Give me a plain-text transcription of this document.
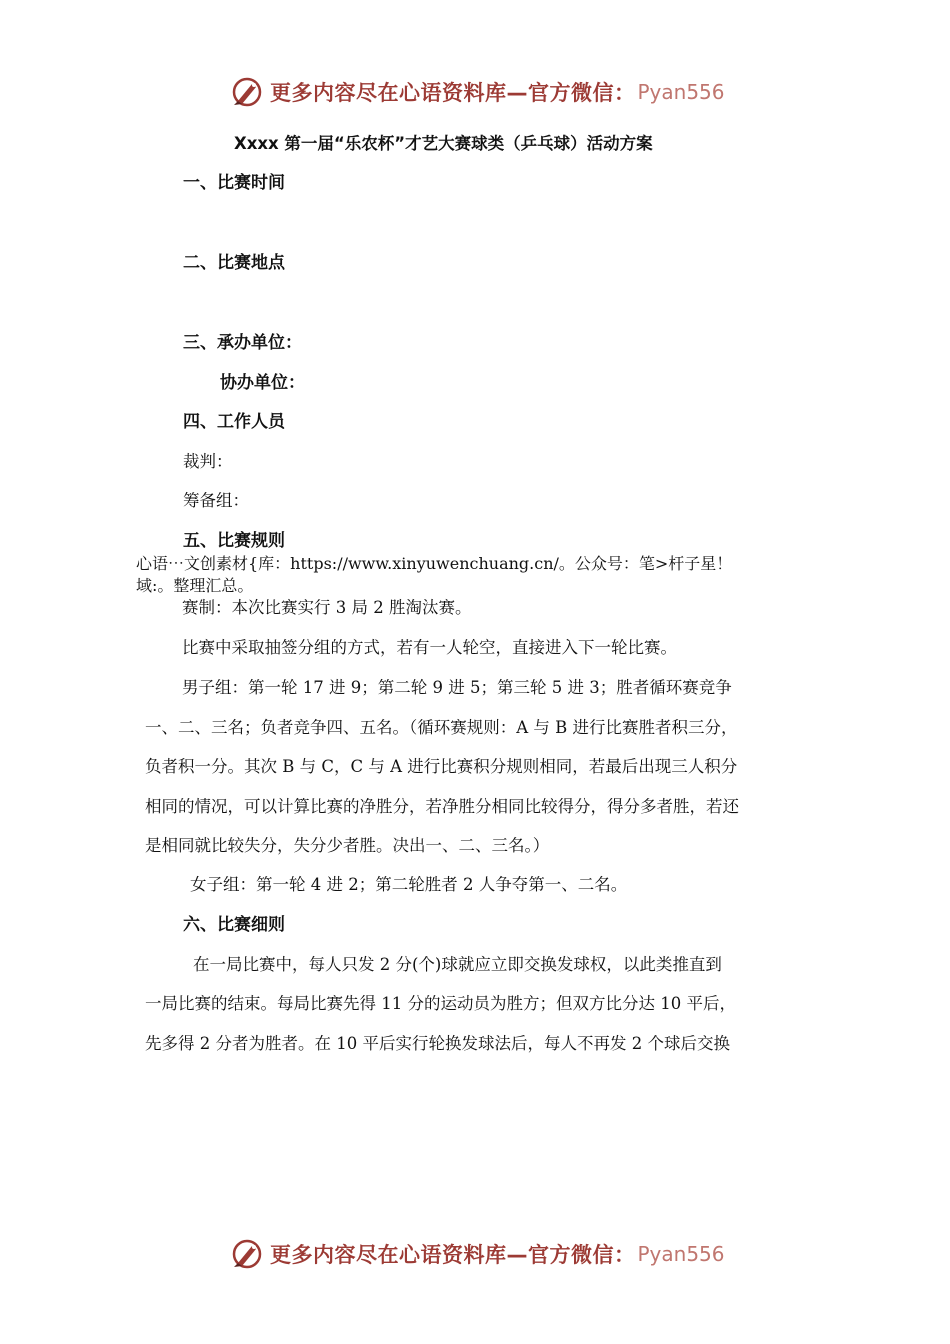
更多内容尽在心语资料库—官方微信： Pyan556
Xxxx 第一届“乐农杯”才艺大赛球类（乒乓球）活动方案
一、比赛时间
二、比赛地点
三、承办单位：
协办单位：
四、工作人员
裁判：
筹备组：
五、比赛规则
心语⋯文创素材{库：https://www.xinyuwenchuang.cn/。公众号：笔>杆子星！
域:。整理汇总。
赛制：本次比赛实行 3 局 2 胜淘汰赛。
比赛中采取抽签分组的方式，若有一人轮空，直接进入下一轮比赛。
男子组：第一轮 17 进 9；第二轮 9 进 5；第三轮 5 进 3；胜者循环赛竞争
一、二、三名；负者竞争四、五名。（循环赛规则：A 与 B 进行比赛胜者积三分，
负者积一分。其次 B 与 C，C 与 A 进行比赛积分规则相同，若最后出现三人积分
相同的情况，可以计算比赛的净胜分，若净胜分相同比较得分，得分多者胜，若还
是相同就比较失分，失分少者胜。决出一、二、三名。）
女子组：第一轮 4 进 2；第二轮胜者 2 人争夺第一、二名。
六、比赛细则
在一局比赛中，每人只发 2 分(个)球就应立即交换发球权，以此类推直到
一局比赛的结束。每局比赛先得 11 分的运动员为胜方；但双方比分达 10 平后，
先多得 2 分者为胜者。在 10 平后实行轮换发球法后，每人不再发 2 个球后交换
更多内容尽在心语资料库—官方微信： Pyan556
